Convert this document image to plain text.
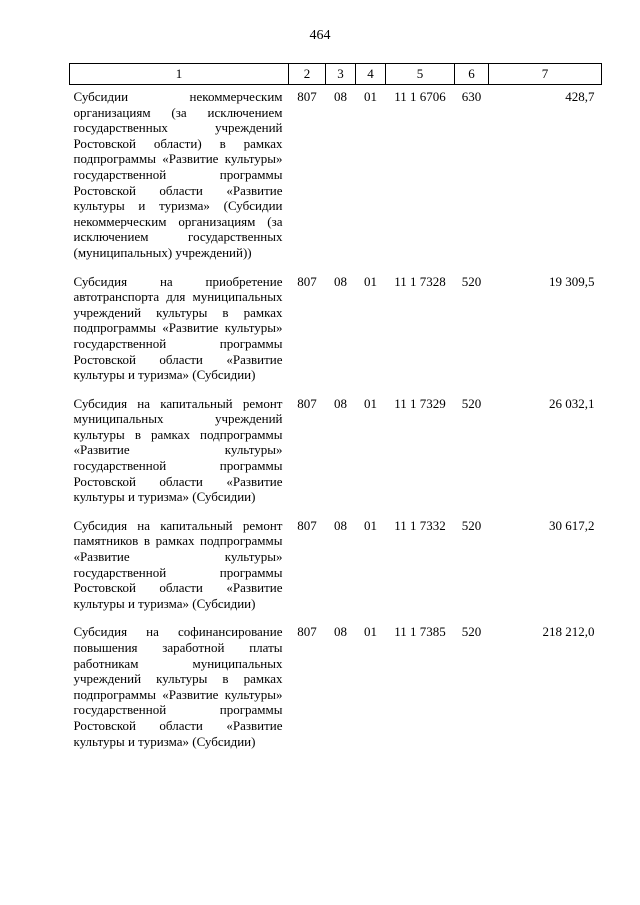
464
1	2	3	4	5	6	7
Субсидии некоммерческим организациям (за исключением государственных учреждений Ростовской области) в рамках подпрограммы «Развитие культуры» государственной программы Ростовской области «Развитие культуры и туризма» (Субсидии некоммерческим организациям (за исключением государственных (муниципальных) учреждений))	807	08	01	11 1 6706	630	428,7
Субсидия на приобретение автотранспорта для муниципальных учреждений культуры в рамках подпрограммы «Развитие культуры» государственной программы Ростовской области «Развитие культуры и туризма» (Субсидии)	807	08	01	11 1 7328	520	19 309,5
Субсидия на капитальный ремонт муниципальных учреждений культуры в рамках подпрограммы «Развитие культуры» государственной программы Ростовской области «Развитие культуры и туризма» (Субсидии)	807	08	01	11 1 7329	520	26 032,1
Субсидия на капитальный ремонт памятников в рамках подпрограммы «Развитие культуры» государственной программы Ростовской области «Развитие культуры и туризма» (Субсидии)	807	08	01	11 1 7332	520	30 617,2
Субсидия на софинансирование повышения заработной платы работникам муниципальных учреждений культуры в рамках подпрограммы «Развитие культуры» государственной программы Ростовской области «Развитие культуры и туризма» (Субсидии)	807	08	01	11 1 7385	520	218 212,0
